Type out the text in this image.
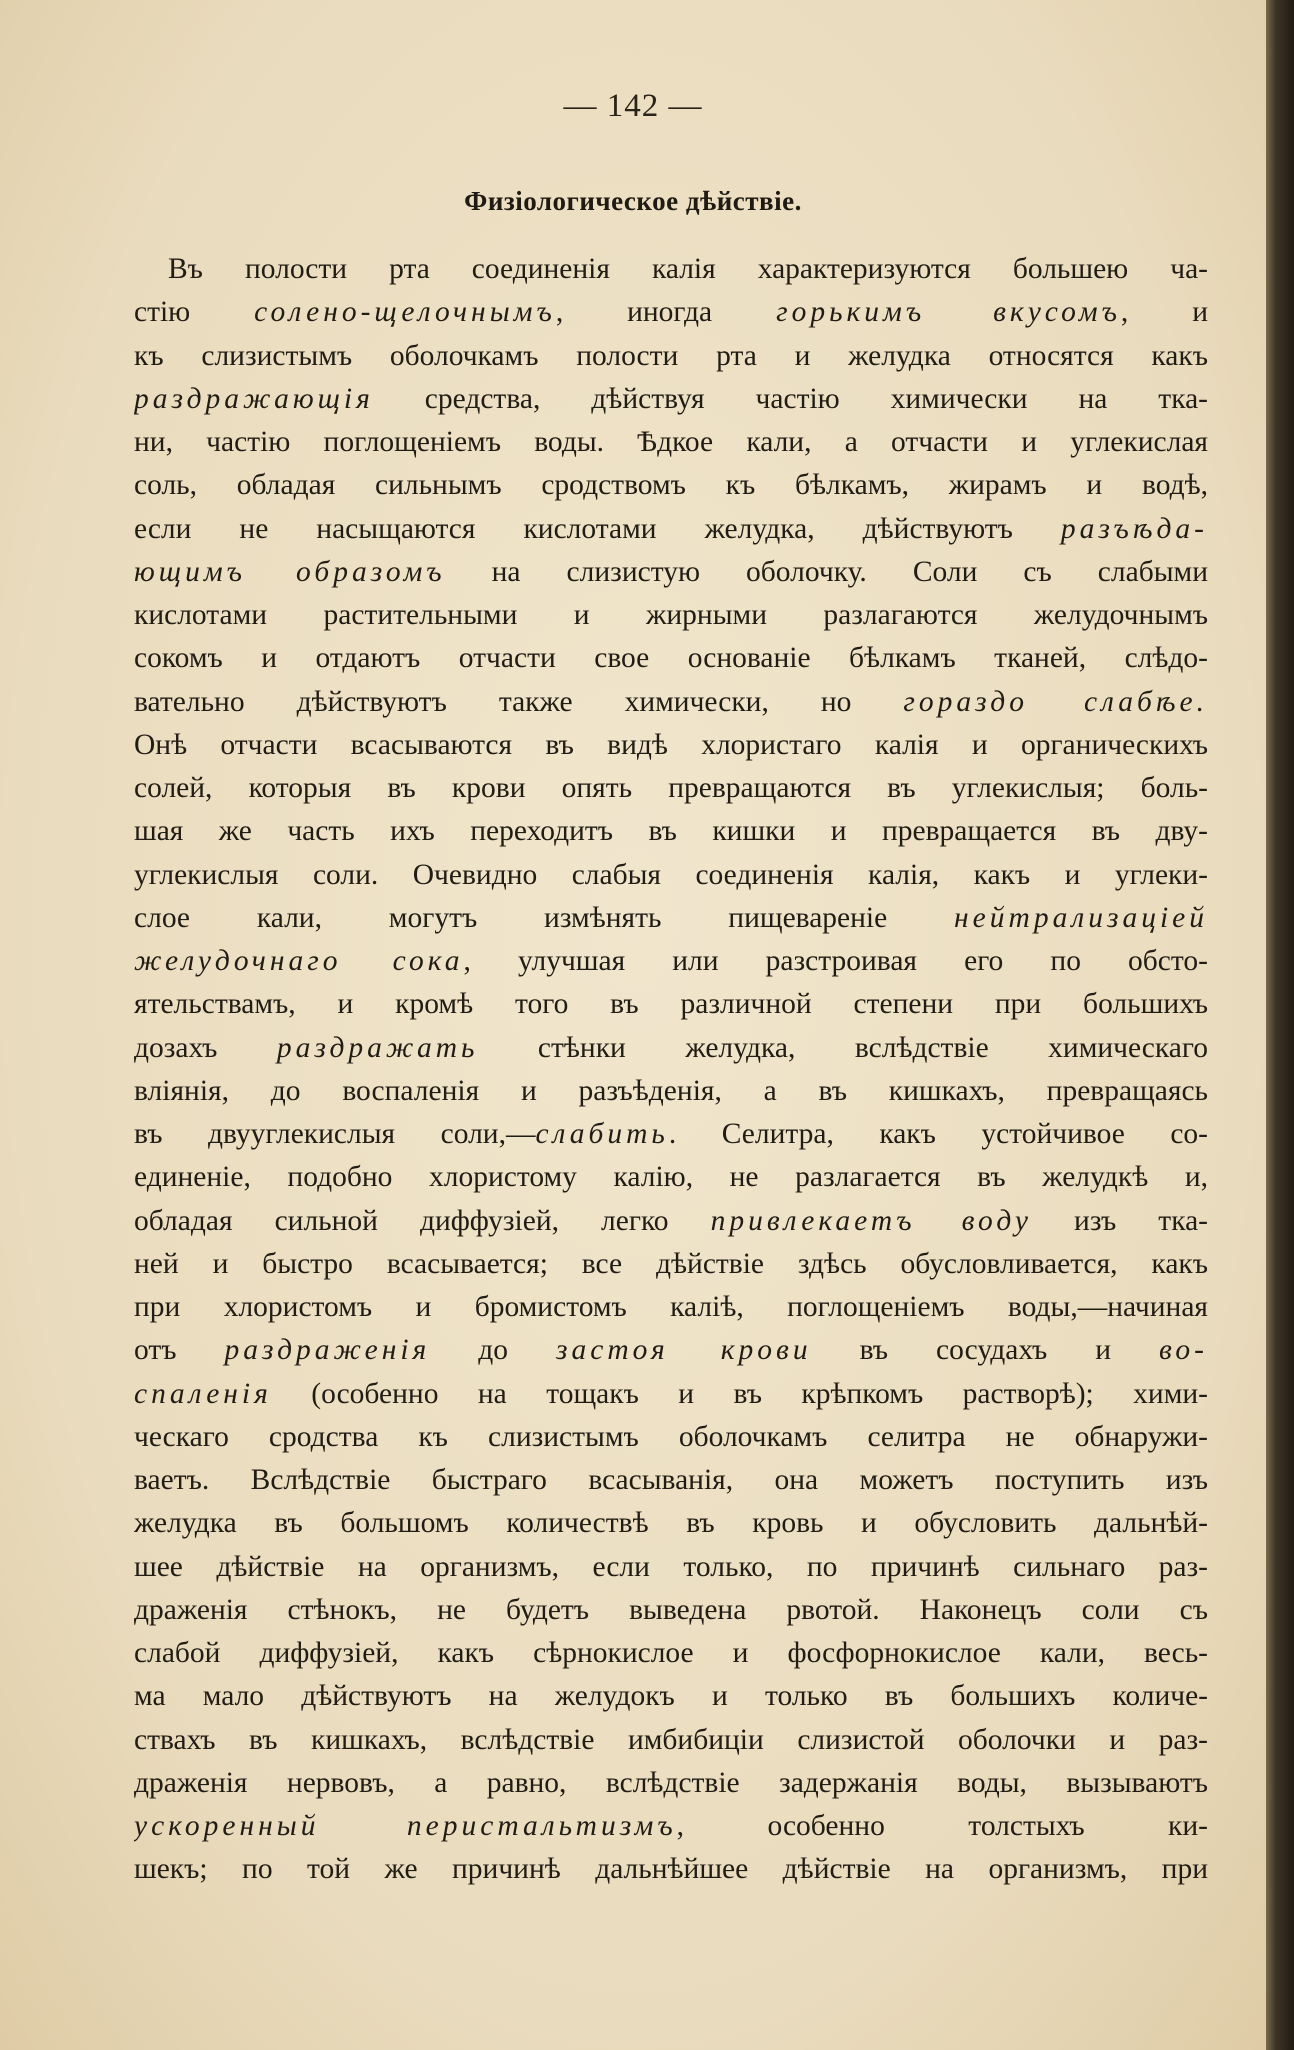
— 142 —
Физіологическое дѣйствіе.
Въ полости рта соединенія калія характеризуются большею ча-
стію солено-щелочнымъ, иногда горькимъ вкусомъ, и
къ слизистымъ оболочкамъ полости рта и желудка относятся какъ
раздражающія средства, дѣйствуя частію химически на тка-
ни, частію поглощеніемъ воды. Ѣдкое кали, а отчасти и углекислая
соль, обладая сильнымъ сродствомъ къ бѣлкамъ, жирамъ и водѣ,
если не насыщаются кислотами желудка, дѣйствуютъ разъѣда-
ющимъ образомъ на слизистую оболочку. Соли съ слабыми
кислотами растительными и жирными разлагаются желудочнымъ
сокомъ и отдаютъ отчасти свое основаніе бѣлкамъ тканей, слѣдо-
вательно дѣйствуютъ также химически, но гораздо слабѣе.
Онѣ отчасти всасываются въ видѣ хлористаго калія и органическихъ
солей, которыя въ крови опять превращаются въ углекислыя; боль-
шая же часть ихъ переходитъ въ кишки и превращается въ дву-
углекислыя соли. Очевидно слабыя соединенія калія, какъ и углеки-
слое кали, могутъ измѣнять пищевареніе нейтрализаціей
желудочнаго сока, улучшая или разстроивая его по обсто-
ятельствамъ, и кромѣ того въ различной степени при большихъ
дозахъ раздражать стѣнки желудка, вслѣдствіе химическаго
вліянія, до воспаленія и разъѣденія, а въ кишкахъ, превращаясь
въ двууглекислыя соли,—слабить. Селитра, какъ устойчивое со-
единеніе, подобно хлористому калію, не разлагается въ желудкѣ и,
обладая сильной диффузіей, легко привлекаетъ воду изъ тка-
ней и быстро всасывается; все дѣйствіе здѣсь обусловливается, какъ
при хлористомъ и бромистомъ каліѣ, поглощеніемъ воды,—начиная
отъ раздраженія до застоя крови въ сосудахъ и во-
спаленія (особенно на тощакъ и въ крѣпкомъ растворѣ); хими-
ческаго сродства къ слизистымъ оболочкамъ селитра не обнаружи-
ваетъ. Вслѣдствіе быстраго всасыванія, она можетъ поступить изъ
желудка въ большомъ количествѣ въ кровь и обусловить дальнѣй-
шее дѣйствіе на организмъ, если только, по причинѣ сильнаго раз-
драженія стѣнокъ, не будетъ выведена рвотой. Наконецъ соли съ
слабой диффузіей, какъ сѣрнокислое и фосфорнокислое кали, весь-
ма мало дѣйствуютъ на желудокъ и только въ большихъ количе-
ствахъ въ кишкахъ, вслѣдствіе имбибиціи слизистой оболочки и раз-
драженія нервовъ, а равно, вслѣдствіе задержанія воды, вызываютъ
ускоренный перистальтизмъ, особенно толстыхъ ки-
шекъ; по той же причинѣ дальнѣйшее дѣйствіе на организмъ, при
